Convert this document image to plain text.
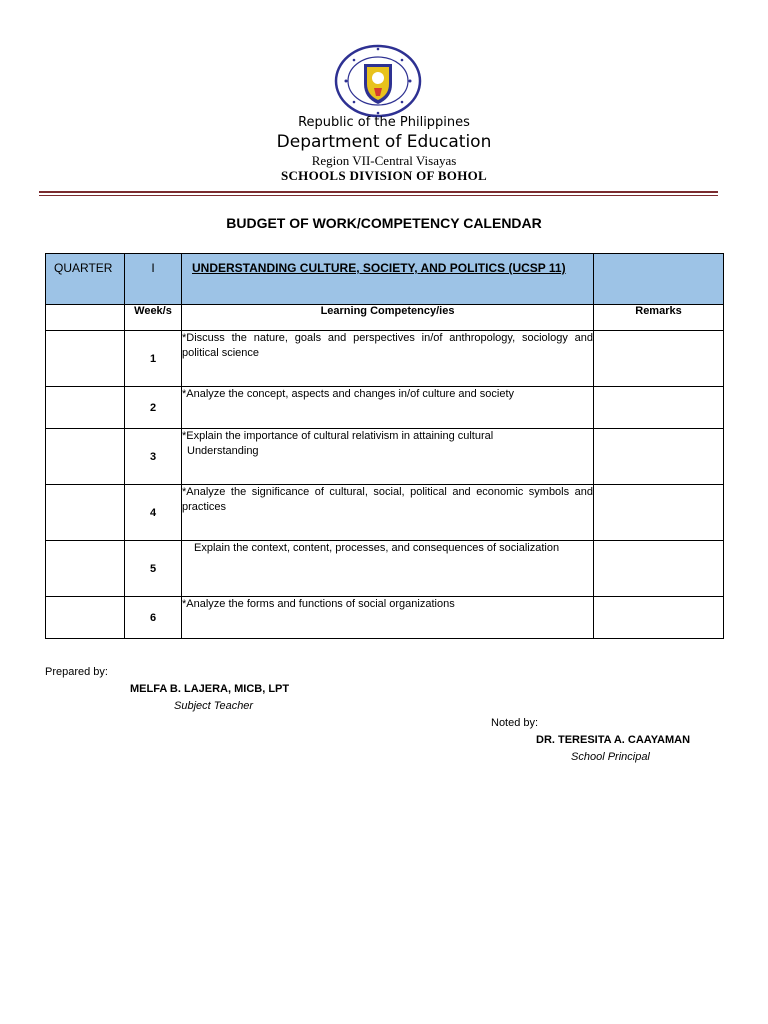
Republic of the Philippines
Department of Education
Region VII-Central Visayas
SCHOOLS DIVISION OF BOHOL
BUDGET OF WORK/COMPETENCY CALENDAR
QUARTER	I	UNDERSTANDING CULTURE, SOCIETY, AND POLITICS (UCSP 11)	
	Week/s	Learning Competency/ies	Remarks
	1	*Discuss the nature, goals and perspectives in/of anthropology, sociology and political science	
	2	*Analyze the concept, aspects and changes in/of culture and society	
	3	*Explain the importance of cultural relativism in attaining cultural
Understanding	

	4	*Analyze the significance of cultural, social, political and economic symbols and practices	
	5	Explain the context, content, processes, and consequences of socialization	
	6	*Analyze the forms and functions of social organizations	
Prepared by:
MELFA B. LAJERA, MICB, LPT
Subject Teacher
Noted by:
DR. TERESITA A. CAAYAMAN
School Principal
